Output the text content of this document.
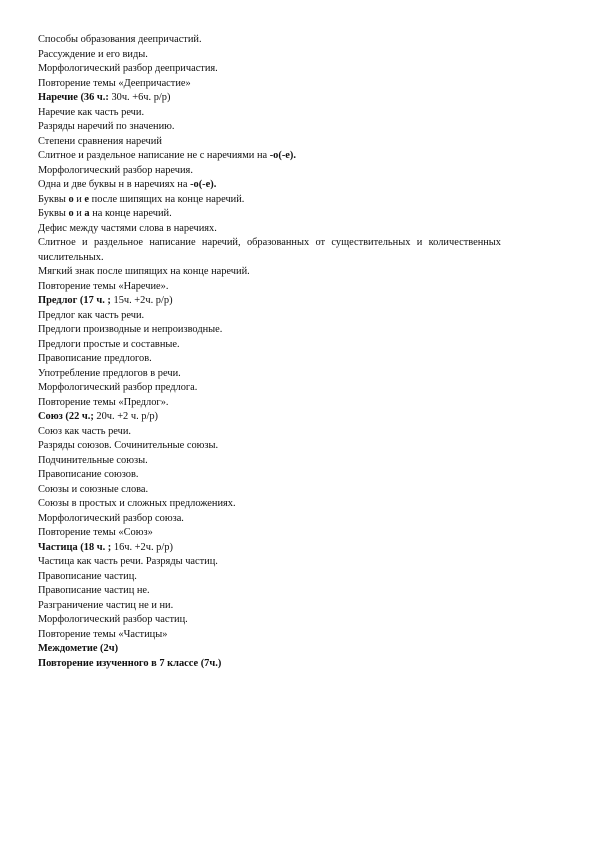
Способы образования деепричастий.
Рассуждение и его виды.
Морфологический разбор деепричастия.
Повторение темы «Деепричастие»
Наречие (36 ч.: 30ч. +6ч. р/р)
Наречие как часть речи.
Разряды наречий по значению.
Степени сравнения наречий
Слитное и раздельное написание не с наречиями на -о(-е).
Морфологический разбор наречия.
Одна и две буквы н в наречиях на -о(-е).
Буквы о и е после шипящих на конце наречий.
Буквы о и а на конце наречий.
Дефис между частями слова в наречиях.
Слитное и раздельное написание наречий, образованных от существительных и количественных числительных.
Мягкий знак после шипящих на конце наречий.
Повторение темы «Наречие».
Предлог (17 ч. ; 15ч. +2ч. р/р)
Предлог как часть речи.
Предлоги производные и непроизводные.
Предлоги простые и составные.
Правописание предлогов.
Употребление предлогов в речи.
Морфологический разбор предлога.
Повторение темы «Предлог».
Союз (22 ч.; 20ч. +2 ч. р/р)
Союз как часть речи.
Разряды союзов. Сочинительные союзы.
Подчинительные союзы.
Правописание союзов.
Союзы и союзные слова.
Союзы в простых и сложных предложениях.
Морфологический разбор союза.
Повторение темы «Союз»
Частица (18 ч. ; 16ч. +2ч. р/р)
Частица как часть речи. Разряды частиц.
Правописание частиц.
Правописание частиц не.
Разграничение частиц не и ни.
Морфологический разбор частиц.
Повторение темы «Частицы»
Междометие (2ч)
Повторение изученного в 7 классе (7ч.)
